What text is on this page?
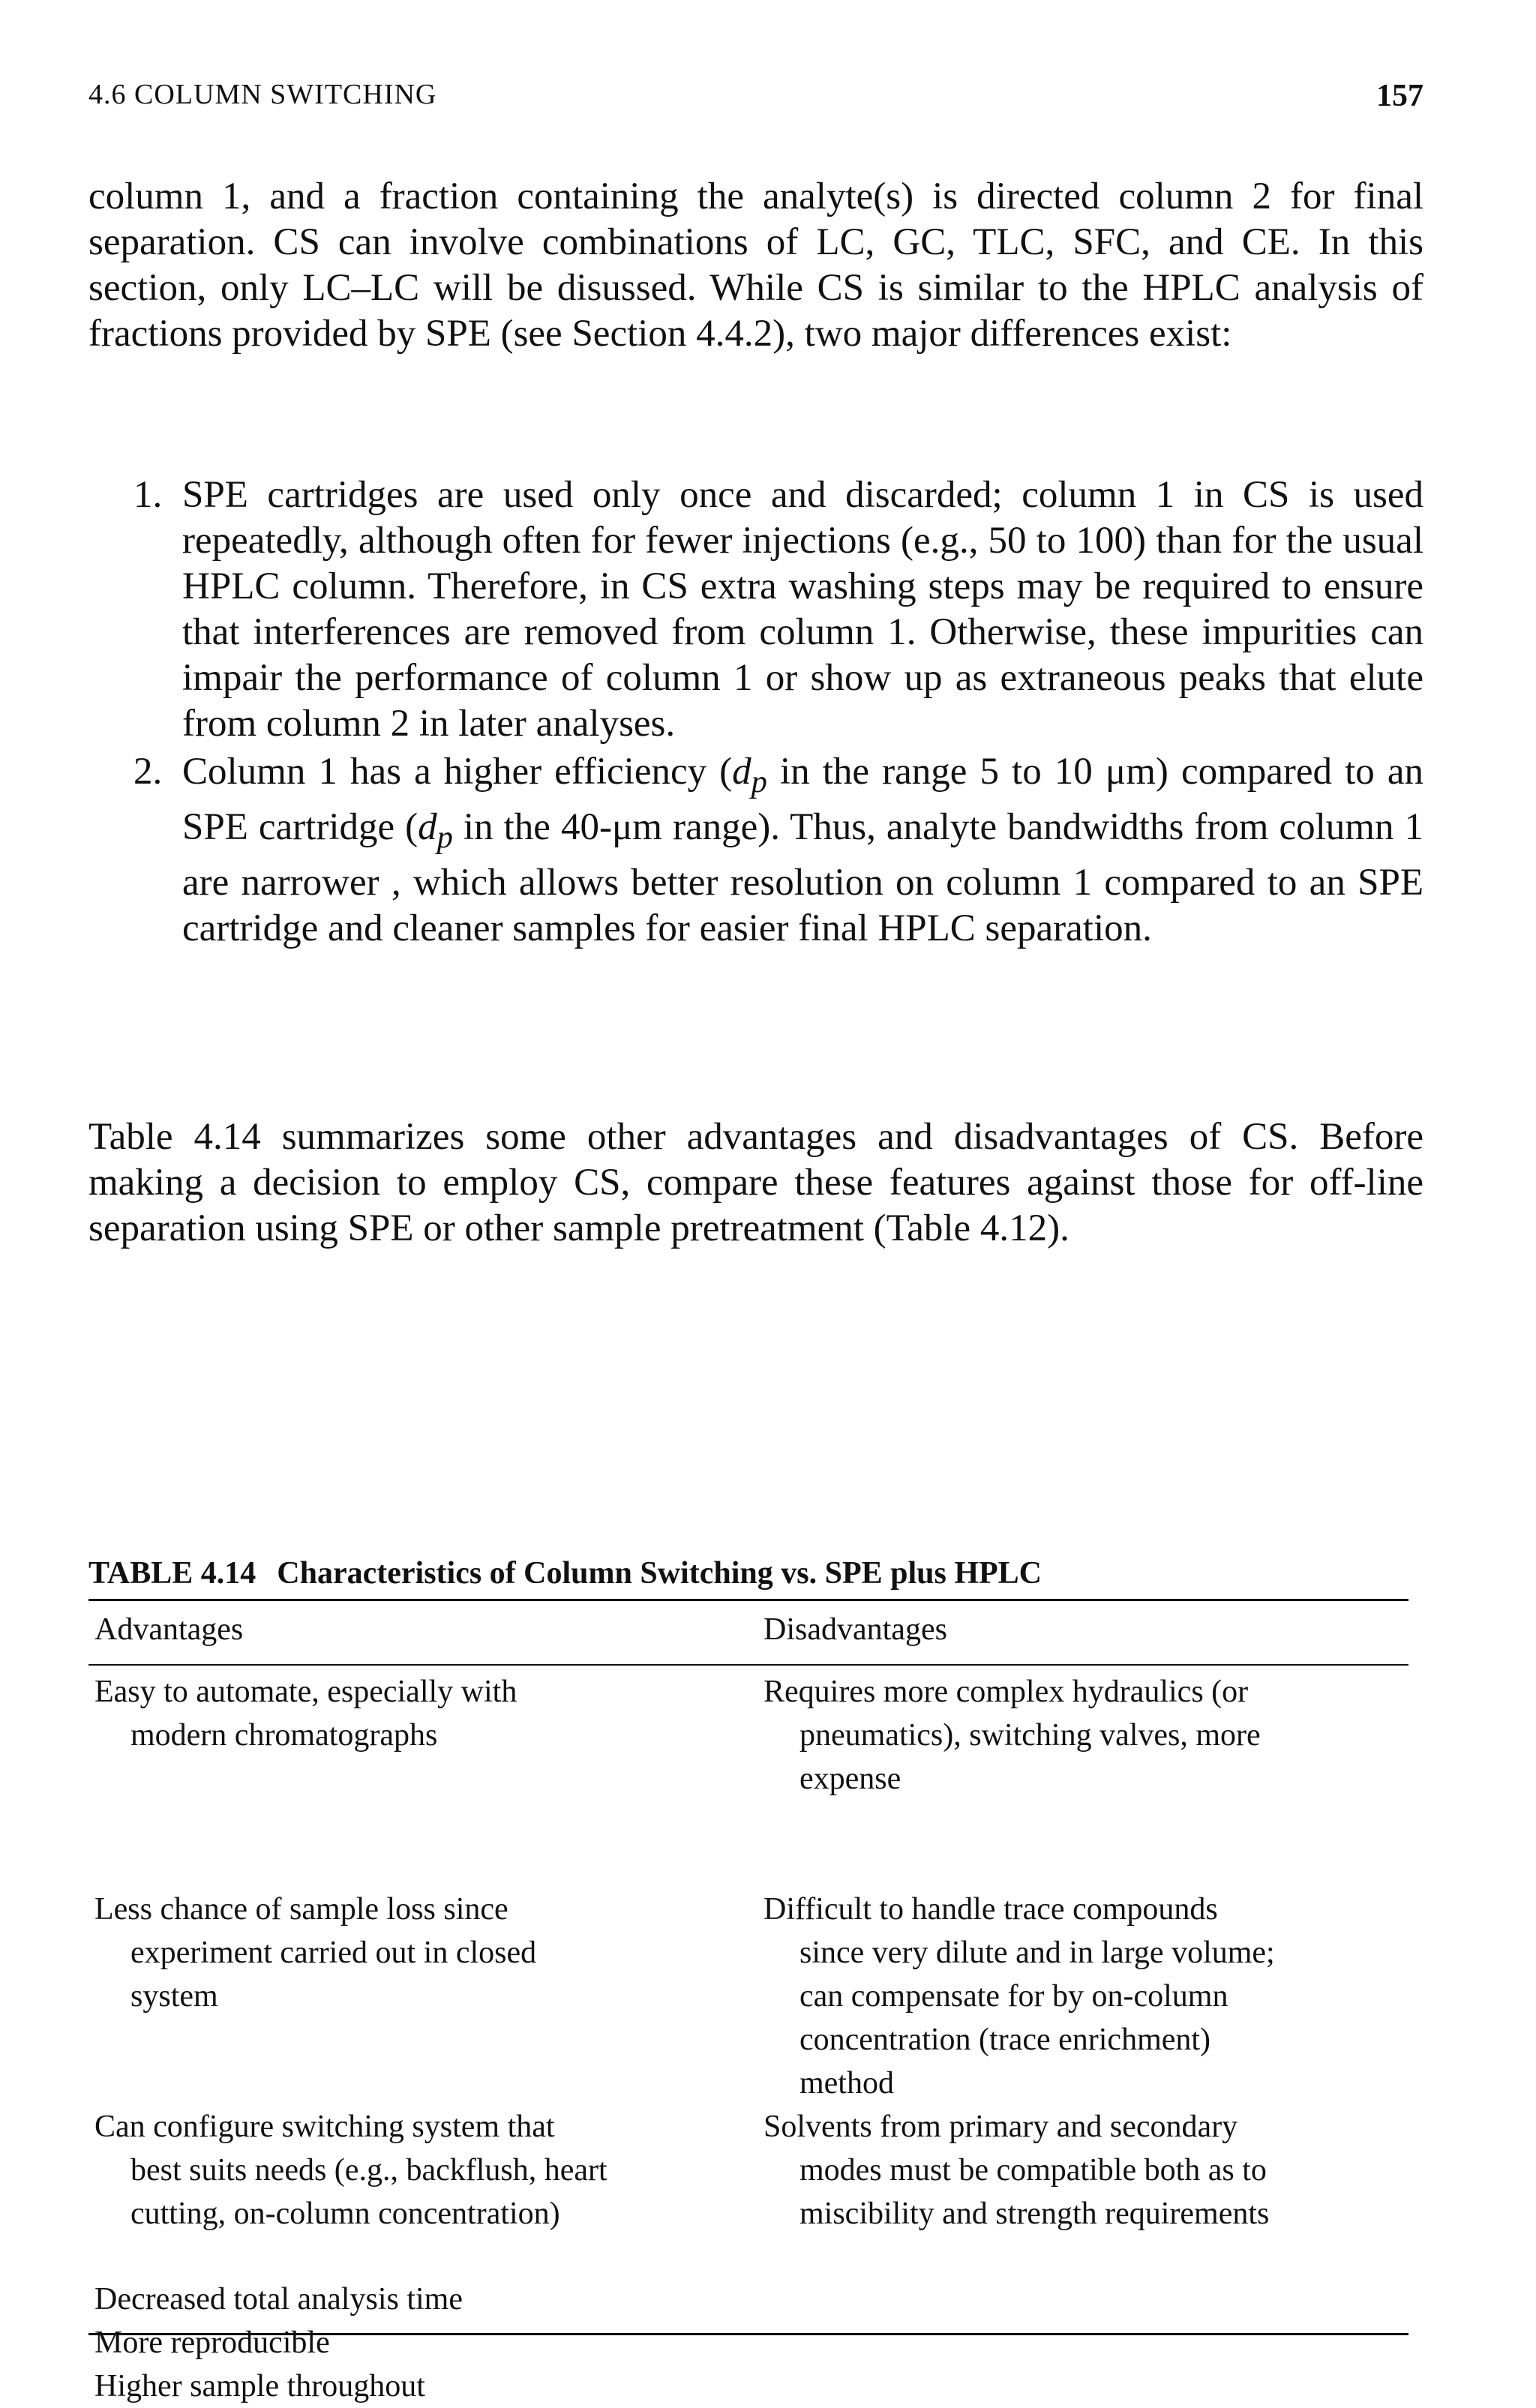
4.6 COLUMN SWITCHING	157

column 1, and a fraction containing the analyte(s) is directed column 2 for final separation. CS can involve combinations of LC, GC, TLC, SFC, and CE. In this section, only LC–LC will be disussed. While CS is similar to the HPLC analysis of fractions provided by SPE (see Section 4.4.2), two major differences exist:

1. SPE cartridges are used only once and discarded; column 1 in CS is used repeatedly, although often for fewer injections (e.g., 50 to 100) than for the usual HPLC column. Therefore, in CS extra washing steps may be required to ensure that interferences are removed from column 1. Otherwise, these impurities can impair the performance of column 1 or show up as extraneous peaks that elute from column 2 in later analyses.

2. Column 1 has a higher efficiency ($d_p$ in the range 5 to 10 μm) compared to an SPE cartridge ($d_p$ in the 40-μm range). Thus, analyte bandwidths from column 1 are narrower , which allows better resolution on column 1 compared to an SPE cartridge and cleaner samples for easier final HPLC separation.

Table 4.14 summarizes some other advantages and disadvantages of CS. Before making a decision to employ CS, compare these features against those for off-line separation using SPE or other sample pretreatment (Table 4.12).

TABLE 4.14 Characteristics of Column Switching vs. SPE plus HPLC
Advantages	Disadvantages
Easy to automate, especially with
modern chromatographs
Less chance of sample loss since
experiment carried out in closed
system
Can configure switching system that
best suits needs (e.g., backflush, heart
cutting, on-column concentration)
Decreased total analysis time
More reproducible
Higher sample throughout
Requires more complex hydraulics (or
pneumatics), switching valves, more
expense
Difficult to handle trace compounds
since very dilute and in large volume;
can compensate for by on-column
concentration (trace enrichment)
method
Solvents from primary and secondary
modes must be compatible both as to
miscibility and strength requirements
